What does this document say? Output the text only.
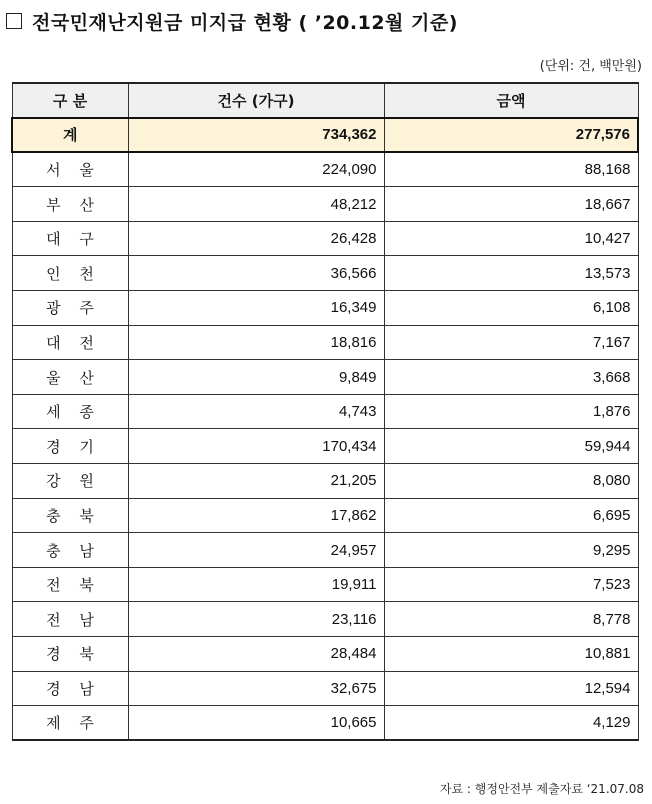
전국민재난지원금 미지급 현황 ( ’20.12월 기준)
(단위: 건, 백만원)
구 분	건수 (가구)	금액
계	734,362	277,576
서 울	224,090	88,168
부 산	48,212	18,667
대 구	26,428	10,427
인 천	36,566	13,573
광 주	16,349	6,108
대 전	18,816	7,167
울 산	9,849	3,668
세 종	4,743	1,876
경 기	170,434	59,944
강 원	21,205	8,080
충 북	17,862	6,695
충 남	24,957	9,295
전 북	19,911	7,523
전 남	23,116	8,778
경 북	28,484	10,881
경 남	32,675	12,594
제 주	10,665	4,129
자료 : 행정안전부 제출자료 ‘21.07.08
